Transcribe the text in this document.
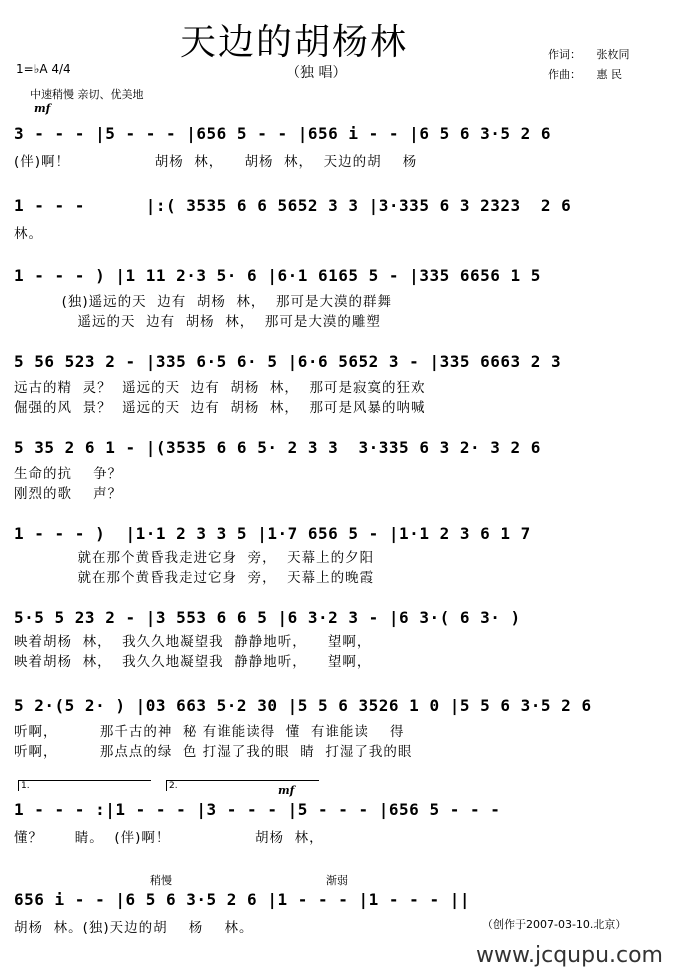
天边的胡杨林
（独 唱）
作词： 张枚同
作曲： 惠 民
1=♭A 4/4
中速稍慢 亲切、优美地
mf
3 - - - |5 - - - |656 5 - - |656 i - - |6 5 6 3·5 2 6
(伴)啊！                胡杨  林，    胡杨  林，  天边的胡    杨
1 - - -      |:( 3535 6 6 5652 3 3 |3·335 6 3 2323  2 6
林。
1 - - - ) |1 11 2·3 5· 6 |6·1 6165 5 - |335 6656 1 5
(独)遥远的天  边有  胡杨  林，  那可是大漠的群舞
遥远的天  边有  胡杨  林，  那可是大漠的雕塑
5 56 523 2 - |335 6·5 6· 5 |6·6 5652 3 - |335 6663 2 3
远古的精  灵？  遥远的天  边有  胡杨  林，  那可是寂寞的狂欢
倔强的风  景？  遥远的天  边有  胡杨  林，  那可是风暴的呐喊
5 35 2 6 1 - |(3535 6 6 5· 2 3 3  3·335 6 3 2· 3 2 6
生命的抗    争？
刚烈的歌    声？
1 - - - )  |1·1 2 3 3 5 |1·7 656 5 - |1·1 2 3 6 1 7
就在那个黄昏我走进它身  旁，  天幕上的夕阳
就在那个黄昏我走过它身  旁，  天幕上的晚霞
5·5 5 23 2 - |3 553 6 6 5 |6 3·2 3 - |6 3·( 6 3· )
映着胡杨  林，  我久久地凝望我  静静地听，    望啊，
映着胡杨  林，  我久久地凝望我  静静地听，    望啊，
5 2·(5 2· ) |03 663 5·2 30 |5 5 6 3526 1 0 |5 5 6 3·5 2 6
听啊，        那千古的神  秘 有谁能读得  懂  有谁能读    得
听啊，        那点点的绿  色 打湿了我的眼  睛  打湿了我的眼
1.	2.	mf
1 - - - :|1 - - - |3 - - - |5 - - - |656 5 - - -
懂？      睛。  (伴)啊！                胡杨  林，
稍慢	渐弱
656 i - - |6 5 6 3·5 2 6 |1 - - - |1 - - - ||
胡杨  林。(独)天边的胡    杨    林。	（创作于2007-03-10.北京）
www.jcqupu.com
